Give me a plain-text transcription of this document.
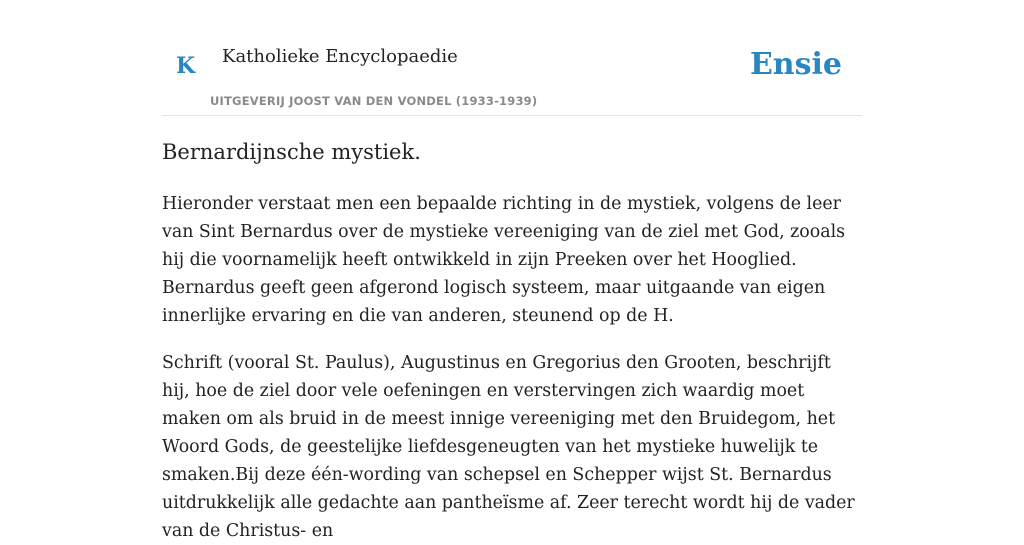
K Katholieke Encyclopaedie
UITGEVERIJ JOOST VAN DEN VONDEL (1933-1939)
Ensie
Bernardijnsche mystiek.

Hieronder verstaat men een bepaalde richting in de mystiek, volgens de leer van Sint Bernardus over de mystieke vereeniging van de ziel met God, zooals hij die voornamelijk heeft ontwikkeld in zijn Preeken over het Hooglied. Bernardus geeft geen afgerond logisch systeem, maar uitgaande van eigen innerlijke ervaring en die van anderen, steunend op de H.

Schrift (vooral St. Paulus), Augustinus en Gregorius den Grooten, beschrijft hij, hoe de ziel door vele oefeningen en verstervingen zich waardig moet maken om als bruid in de meest innige vereeniging met den Bruidegom, het Woord Gods, de geestelijke liefdesgeneugten van het mystieke huwelijk te smaken.Bij deze één-wording van schepsel en Schepper wijst St. Bernardus uitdrukkelijk alle gedachte aan pantheïsme af. Zeer terecht wordt hij de vader van de Christus- en
